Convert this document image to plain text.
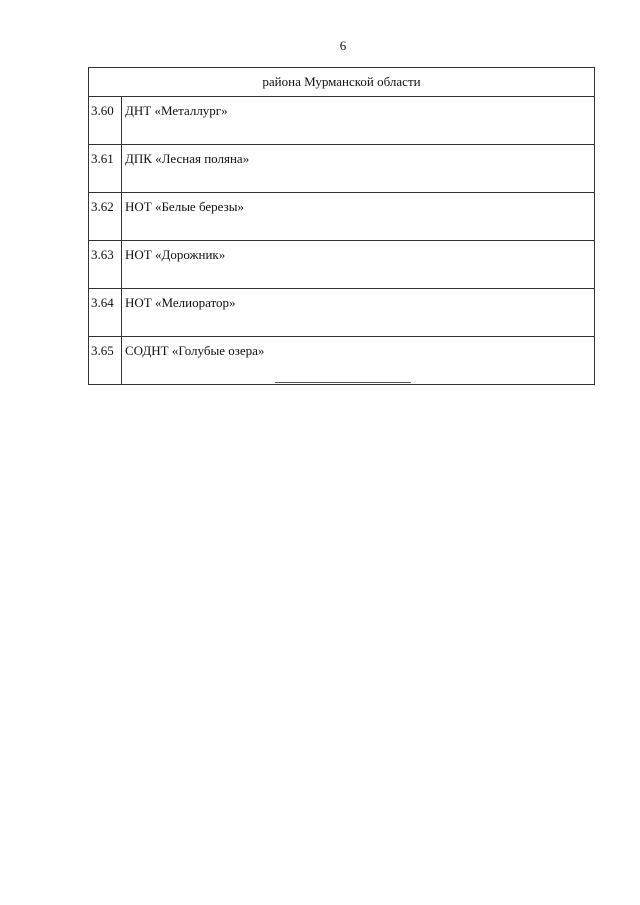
6
района Мурманской области	
3.60	ДНТ «Металлург»
3.61	ДПК «Лесная поляна»
3.62	НОТ «Белые березы»
3.63	НОТ «Дорожник»
3.64	НОТ «Мелиоратор»
3.65	СОДНТ «Голубые озера»
